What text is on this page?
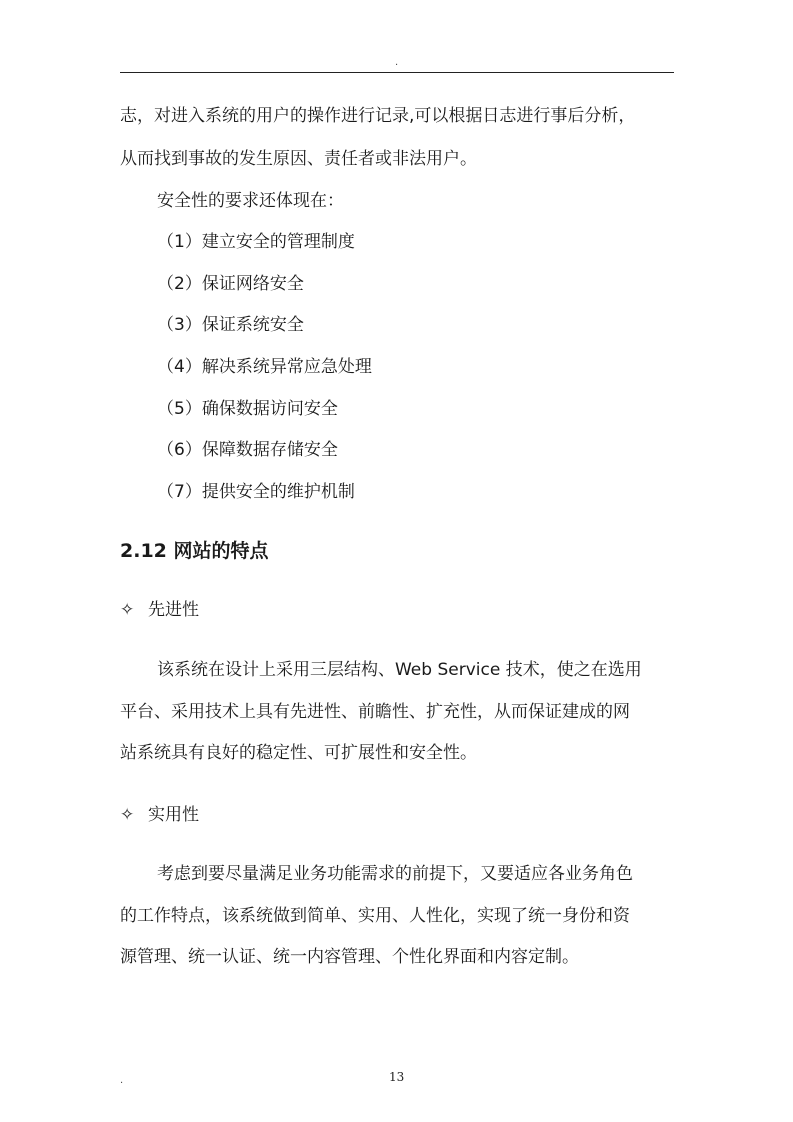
.
志，对进入系统的用户的操作进行记录,可以根据日志进行事后分析，
从而找到事故的发生原因、责任者或非法用户。
安全性的要求还体现在：
（1）建立安全的管理制度
（2）保证网络安全
（3）保证系统安全
（4）解决系统异常应急处理
（5）确保数据访问安全
（6）保障数据存储安全
（7）提供安全的维护机制
2.12 网站的特点
✧ 先进性
该系统在设计上采用三层结构、Web Service 技术，使之在选用
平台、采用技术上具有先进性、前瞻性、扩充性，从而保证建成的网
站系统具有良好的稳定性、可扩展性和安全性。
✧ 实用性
考虑到要尽量满足业务功能需求的前提下，又要适应各业务角色
的工作特点，该系统做到简单、实用、人性化，实现了统一身份和资
源管理、统一认证、统一内容管理、个性化界面和内容定制。
.	13
